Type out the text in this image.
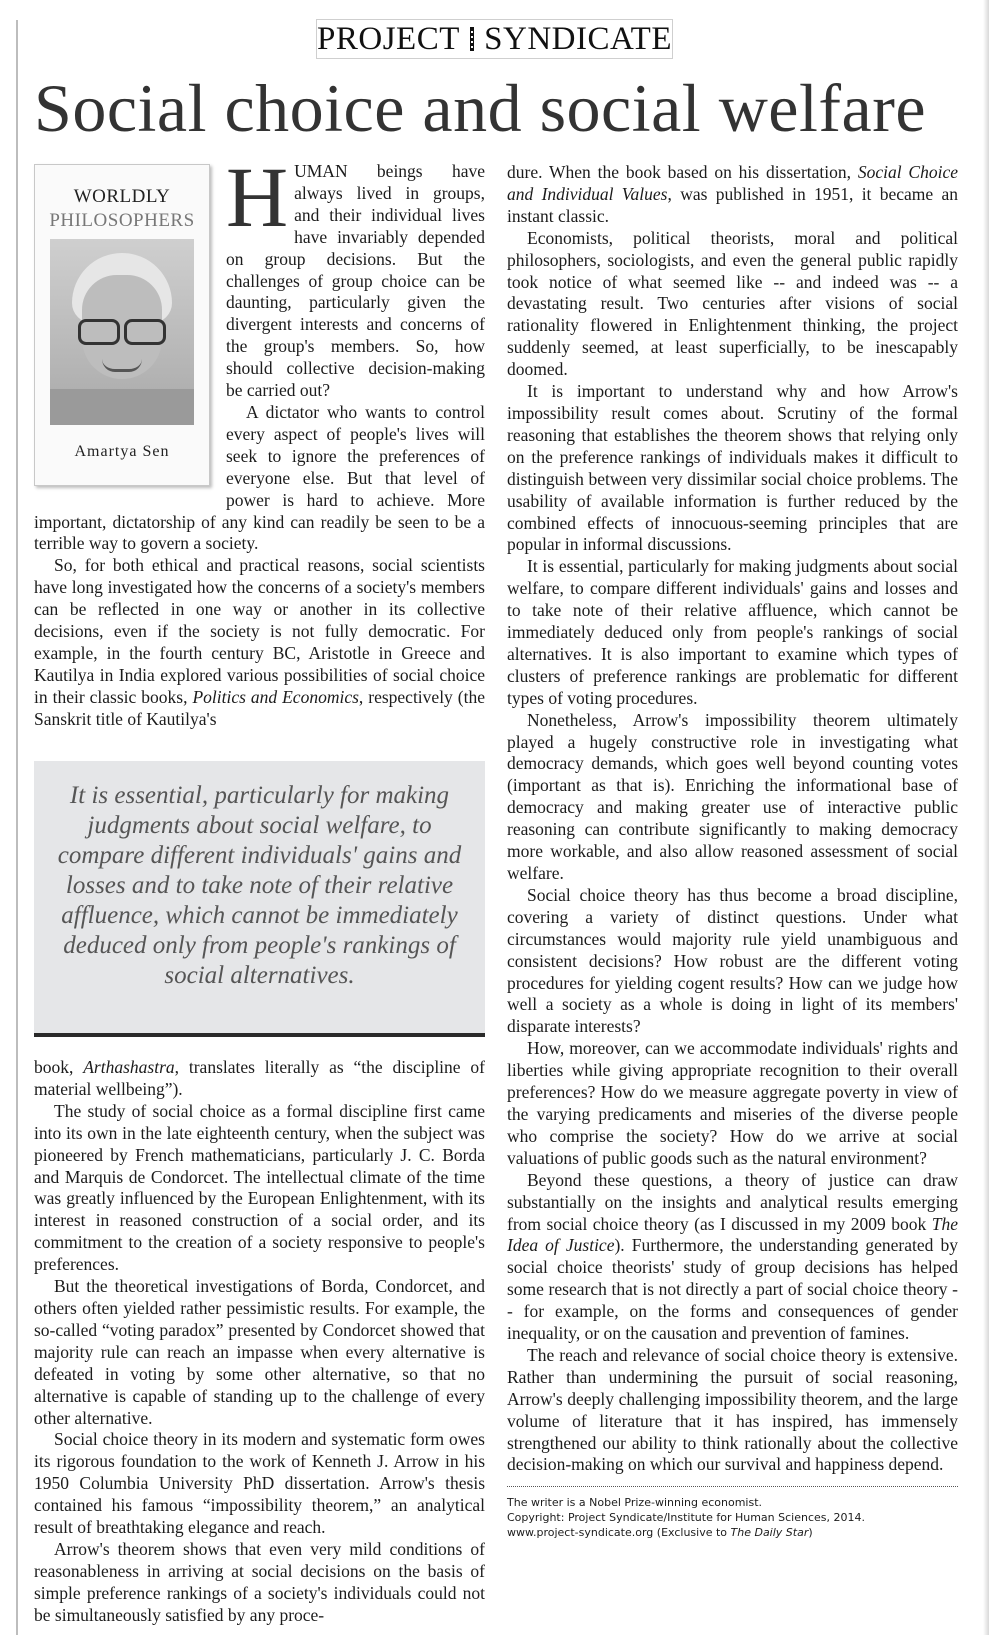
PROJECT SYNDICATE
Social choice and social welfare
WORLDLY
PHILOSOPHERS
Amartya Sen

HUMAN beings have always lived in groups, and their individual lives have invariably depended on group decisions. But the challenges of group choice can be daunting, particularly given the divergent interests and concerns of the group's members. So, how should collective decision-making be carried out?

A dictator who wants to control every aspect of people's lives will seek to ignore the preferences of everyone else. But that level of power is hard to achieve. More important, dictatorship of any kind can readily be seen to be a terrible way to govern a society.

So, for both ethical and practical reasons, social scientists have long investigated how the concerns of a society's members can be reflected in one way or another in its collective decisions, even if the society is not fully democratic. For example, in the fourth century BC, Aristotle in Greece and Kautilya in India explored various possibilities of social choice in their classic books, Politics and Economics, respectively (the Sanskrit title of Kautilya's

It is essential, particularly for making judgments about social welfare, to compare different individuals' gains and losses and to take note of their relative affluence, which cannot be immediately deduced only from people's rankings of social alternatives.

book, Arthashastra, translates literally as “the discipline of material wellbeing”).

The study of social choice as a formal discipline first came into its own in the late eighteenth century, when the subject was pioneered by French mathematicians, particularly J. C. Borda and Marquis de Condorcet. The intellectual climate of the time was greatly influenced by the European Enlightenment, with its interest in reasoned construction of a social order, and its commitment to the creation of a society responsive to people's preferences.

But the theoretical investigations of Borda, Condorcet, and others often yielded rather pessimistic results. For example, the so-called “voting paradox” presented by Condorcet showed that majority rule can reach an impasse when every alternative is defeated in voting by some other alternative, so that no alternative is capable of standing up to the challenge of every other alternative.

Social choice theory in its modern and systematic form owes its rigorous foundation to the work of Kenneth J. Arrow in his 1950 Columbia University PhD dissertation. Arrow's thesis contained his famous “impossibility theorem,” an analytical result of breathtaking elegance and reach.

Arrow's theorem shows that even very mild conditions of reasonableness in arriving at social decisions on the basis of simple preference rankings of a society's individuals could not be simultaneously satisfied by any proce-

dure. When the book based on his dissertation, Social Choice and Individual Values, was published in 1951, it became an instant classic.

Economists, political theorists, moral and political philosophers, sociologists, and even the general public rapidly took notice of what seemed like -- and indeed was -- a devastating result. Two centuries after visions of social rationality flowered in Enlightenment thinking, the project suddenly seemed, at least superficially, to be inescapably doomed.

It is important to understand why and how Arrow's impossibility result comes about. Scrutiny of the formal reasoning that establishes the theorem shows that relying only on the preference rankings of individuals makes it difficult to distinguish between very dissimilar social choice problems. The usability of available information is further reduced by the combined effects of innocuous-seeming principles that are popular in informal discussions.

It is essential, particularly for making judgments about social welfare, to compare different individuals' gains and losses and to take note of their relative affluence, which cannot be immediately deduced only from people's rankings of social alternatives. It is also important to examine which types of clusters of preference rankings are problematic for different types of voting procedures.

Nonetheless, Arrow's impossibility theorem ultimately played a hugely constructive role in investigating what democracy demands, which goes well beyond counting votes (important as that is). Enriching the informational base of democracy and making greater use of interactive public reasoning can contribute significantly to making democracy more workable, and also allow reasoned assessment of social welfare.

Social choice theory has thus become a broad discipline, covering a variety of distinct questions. Under what circumstances would majority rule yield unambiguous and consistent decisions? How robust are the different voting procedures for yielding cogent results? How can we judge how well a society as a whole is doing in light of its members' disparate interests?

How, moreover, can we accommodate individuals' rights and liberties while giving appropriate recognition to their overall preferences? How do we measure aggregate poverty in view of the varying predicaments and miseries of the diverse people who comprise the society? How do we arrive at social valuations of public goods such as the natural environment?

Beyond these questions, a theory of justice can draw substantially on the insights and analytical results emerging from social choice theory (as I discussed in my 2009 book The Idea of Justice). Furthermore, the understanding generated by social choice theorists' study of group decisions has helped some research that is not directly a part of social choice theory -- for example, on the forms and consequences of gender inequality, or on the causation and prevention of famines.

The reach and relevance of social choice theory is extensive. Rather than undermining the pursuit of social reasoning, Arrow's deeply challenging impossibility theorem, and the large volume of literature that it has inspired, has immensely strengthened our ability to think rationally about the collective decision-making on which our survival and happiness depend.

The writer is a Nobel Prize-winning economist.

Copyright: Project Syndicate/Institute for Human Sciences, 2014.

www.project-syndicate.org (Exclusive to The Daily Star)
